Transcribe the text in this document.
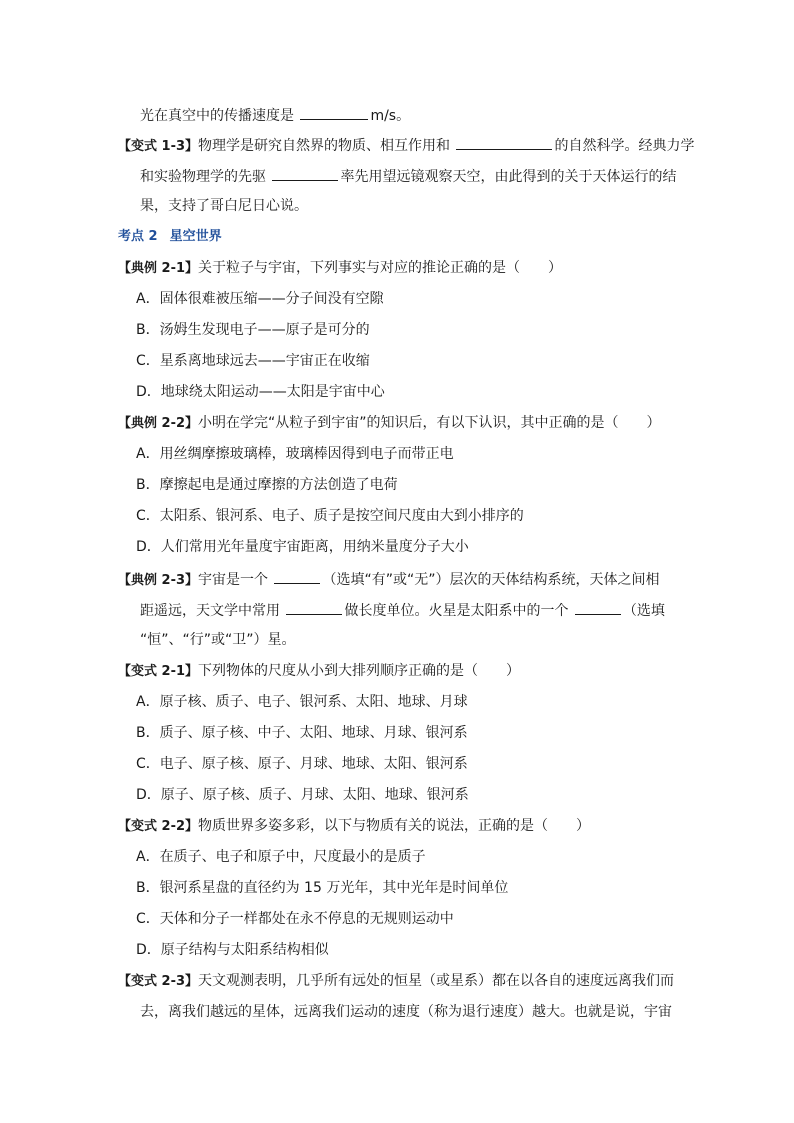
光在真空中的传播速度是	m/s。
【变式 1-3】物理学是研究自然界的物质、相互作用和	的自然科学。经典力学
和实验物理学的先驱	率先用望远镜观察天空，由此得到的关于天体运行的结
果，支持了哥白尼日心说。
考点 2 星空世界
【典例 2-1】关于粒子与宇宙，下列事实与对应的推论正确的是（　　）
A．固体很难被压缩——分子间没有空隙
B．汤姆生发现电子——原子是可分的
C．星系离地球远去——宇宙正在收缩
D．地球绕太阳运动——太阳是宇宙中心
【典例 2-2】小明在学完“从粒子到宇宙”的知识后，有以下认识，其中正确的是（　　）
A．用丝绸摩擦玻璃棒，玻璃棒因得到电子而带正电
B．摩擦起电是通过摩擦的方法创造了电荷
C．太阳系、银河系、电子、质子是按空间尺度由大到小排序的
D．人们常用光年量度宇宙距离，用纳米量度分子大小
【典例 2-3】宇宙是一个	（选填“有”或“无”）层次的天体结构系统，天体之间相
距遥远，天文学中常用	做长度单位。火星是太阳系中的一个	（选填
“恒”、“行”或“卫”）星。
【变式 2-1】下列物体的尺度从小到大排列顺序正确的是（　　）
A．原子核、质子、电子、银河系、太阳、地球、月球
B．质子、原子核、中子、太阳、地球、月球、银河系
C．电子、原子核、原子、月球、地球、太阳、银河系
D．原子、原子核、质子、月球、太阳、地球、银河系
【变式 2-2】物质世界多姿多彩，以下与物质有关的说法，正确的是（　　）
A．在质子、电子和原子中，尺度最小的是质子
B．银河系星盘的直径约为 15 万光年，其中光年是时间单位
C．天体和分子一样都处在永不停息的无规则运动中
D．原子结构与太阳系结构相似
【变式 2-3】天文观测表明，几乎所有远处的恒星（或星系）都在以各自的速度远离我们而
去，离我们越远的星体，远离我们运动的速度（称为退行速度）越大。也就是说，宇宙
